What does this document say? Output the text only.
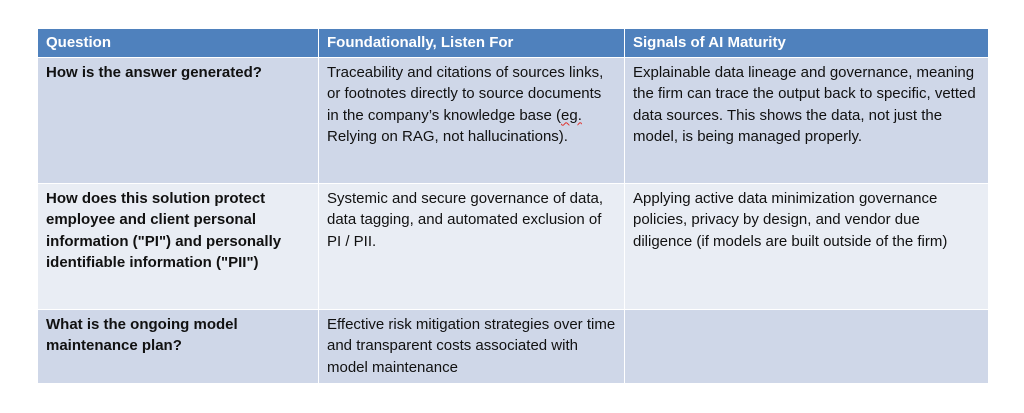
Question	Foundationally, Listen For	Signals of AI Maturity
How is the answer generated?	Traceability and citations of sources links, or footnotes directly to source documents in the company’s knowledge base (eg. Relying on RAG, not hallucinations).	Explainable data lineage and governance, meaning the firm can trace the output back to specific, vetted data sources. This shows the data, not just the model, is being managed properly.
How does this solution protect employee and client personal information ("PI") and personally identifiable information ("PII")	Systemic and secure governance of data, data tagging, and automated exclusion of PI / PII.	Applying active data minimization governance policies, privacy by design, and vendor due diligence (if models are built outside of the firm)
What is the ongoing model maintenance plan?	Effective risk mitigation strategies over time and transparent costs associated with model maintenance	
